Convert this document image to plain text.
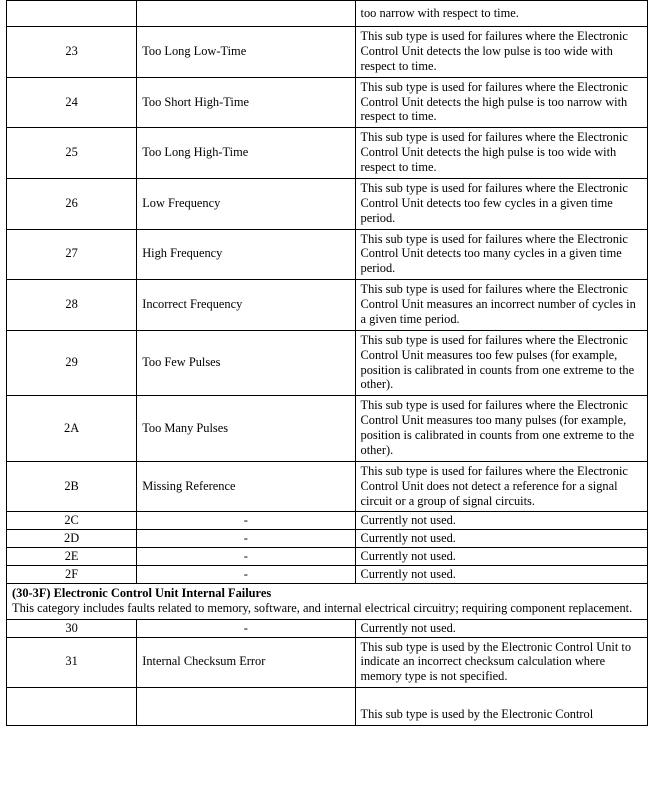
		too narrow with respect to time.
23	Too Long Low-Time	This sub type is used for failures where the Electronic Control Unit detects the low pulse is too wide with respect to time.
24	Too Short High-Time	This sub type is used for failures where the Electronic Control Unit detects the high pulse is too narrow with respect to time.
25	Too Long High-Time	This sub type is used for failures where the Electronic Control Unit detects the high pulse is too wide with respect to time.
26	Low Frequency	This sub type is used for failures where the Electronic Control Unit detects too few cycles in a given time period.
27	High Frequency	This sub type is used for failures where the Electronic Control Unit detects too many cycles in a given time period.
28	Incorrect Frequency	This sub type is used for failures where the Electronic Control Unit measures an incorrect number of cycles in a given time period.
29	Too Few Pulses	This sub type is used for failures where the Electronic Control Unit measures too few pulses (for example, position is calibrated in counts from one extreme to the other).
2A	Too Many Pulses	This sub type is used for failures where the Electronic Control Unit measures too many pulses (for example, position is calibrated in counts from one extreme to the other).
2B	Missing Reference	This sub type is used for failures where the Electronic Control Unit does not detect a reference for a signal circuit or a group of signal circuits.
2C	-	Currently not used.
2D	-	Currently not used.
2E	-	Currently not used.
2F	-	Currently not used.

(30-3F) Electronic Control Unit Internal Failures
This category includes faults related to memory, software, and internal electrical circuitry; requiring component replacement.		

30	-	Currently not used.
31	Internal Checksum Error	This sub type is used by the Electronic Control Unit to indicate an incorrect checksum calculation where memory type is not specified.
		This sub type is used by the Electronic Control
